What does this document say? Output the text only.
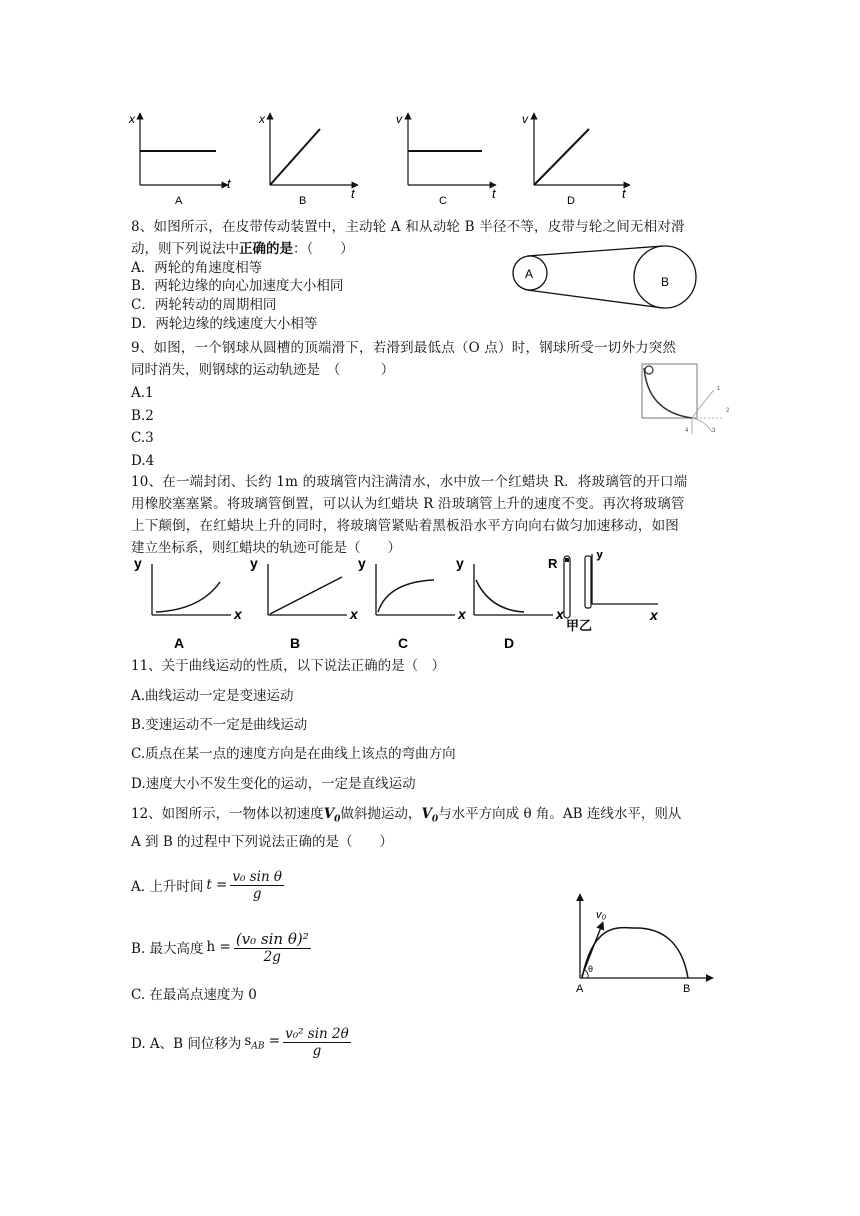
x
t
A
x
t
B
v
t
C
v
t
D
8、如图所示，在皮带传动装置中，主动轮 A 和从动轮 B 半径不等，皮带与轮之间无相对滑
动，则下列说法中正确的是：（　　）
A．两轮的角速度相等
B．两轮边缘的向心加速度大小相同
C．两轮转动的周期相同
D．两轮边缘的线速度大小相等
A
B
9、如图，一个钢球从圆槽的顶端滑下，若滑到最低点（O 点）时，钢球所受一切外力突然
同时消失，则钢球的运动轨迹是　（　　　）
A.1
B.2
C.3
D.4
1
2
3
4
10、在一端封闭、长约 1m 的玻璃管内注满清水，水中放一个红蜡块 R．将玻璃管的开口端
用橡胶塞塞紧。将玻璃管倒置，可以认为红蜡块 R 沿玻璃管上升的速度不变。再次将玻璃管
上下颠倒，在红蜡块上升的同时，将玻璃管紧贴着黑板沿水平方向向右做匀加速移动，如图
建立坐标系，则红蜡块的轨迹可能是（　　）
y
x
A
y
x
B
y
x
C
y
x
D
R
y
x
甲乙
11、关于曲线运动的性质，以下说法正确的是（　）
A.曲线运动一定是变速运动
B.变速运动不一定是曲线运动
C.质点在某一点的速度方向是在曲线上该点的弯曲方向
D.速度大小不发生变化的运动，一定是直线运动
12、如图所示，一物体以初速度$V_0$做斜抛运动，$V_0$与水平方向成 θ 角。AB 连线水平，则从
A 到 B 的过程中下列说法正确的是（　　）
A. 上升时间 $t = \frac{\text{v₀ sin θ}}{g}$
B. 最大高度 $h = \frac{\text{(v₀ sin θ)²}}{2g}$
C. 在最高点速度为 0
D. A、B 间位移为 $s_{AB} = \frac{\text{v₀² sin 2θ}}{g}$
v₀
θ
A	B
